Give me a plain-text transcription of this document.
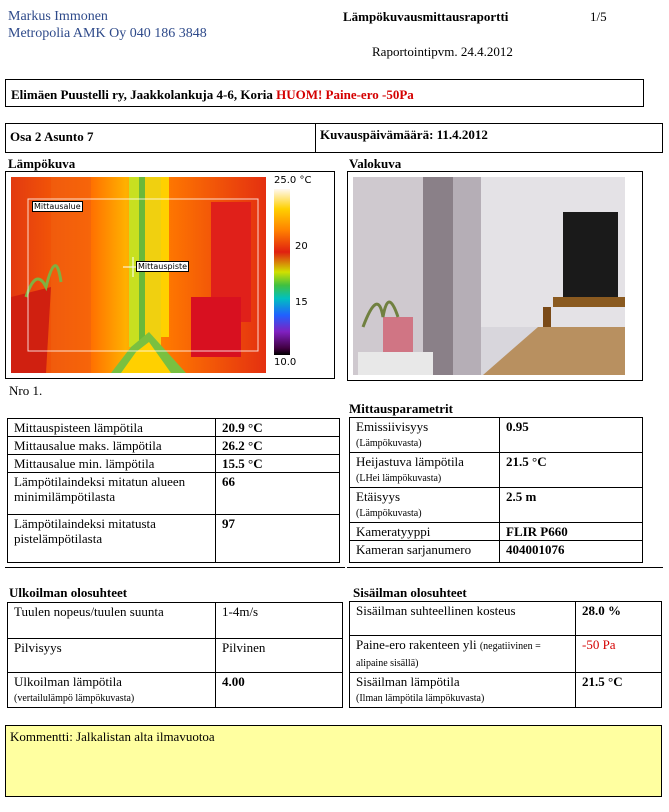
Markus Immonen
Metropolia AMK Oy 040 186 3848
Lämpökuvausmittausraportti	1/5
Raportointipvm. 24.4.2012
Elimäen Puustelli ry, Jaakkolankuja 4-6, Koria HUOM! Paine-ero -50Pa
Osa 2 Asunto 7	Kuvauspäivämäärä: 11.4.2012
Lämpökuva	Valokuva
Mittausalue
Mittauspiste
25.0 °C
20
15
10.0
Nro 1.
Mittauspisteen lämpötila	20.9 °C
Mittausalue maks. lämpötila	26.2 °C
Mittausalue min. lämpötila	15.5 °C
Lämpötilaindeksi mitatun alueen minimilämpötilasta	66
Lämpötilaindeksi mitatusta pistelämpötilasta	97
Mittausparametrit
Emissiivisyys
(Lämpökuvasta)	0.95
Heijastuva lämpötila
(LHei lämpökuvasta)	21.5 °C
Etäisyys
(Lämpökuvasta)	2.5 m
Kameratyyppi	FLIR P660
Kameran sarjanumero	404001076
Ulkoilman olosuhteet
Tuulen nopeus/tuulen suunta	1-4m/s
Pilvisyys	Pilvinen
Ulkoilman lämpötila
(vertailulämpö lämpökuvasta)	4.00
Sisäilman olosuhteet
Sisäilman suhteellinen kosteus	28.0 %
Paine-ero rakenteen yli (negatiivinen = alipaine sisällä)	-50 Pa
Sisäilman lämpötila
(Ilman lämpötila lämpökuvasta)	21.5 °C
Kommentti: Jalkalistan alta ilmavuotoa
